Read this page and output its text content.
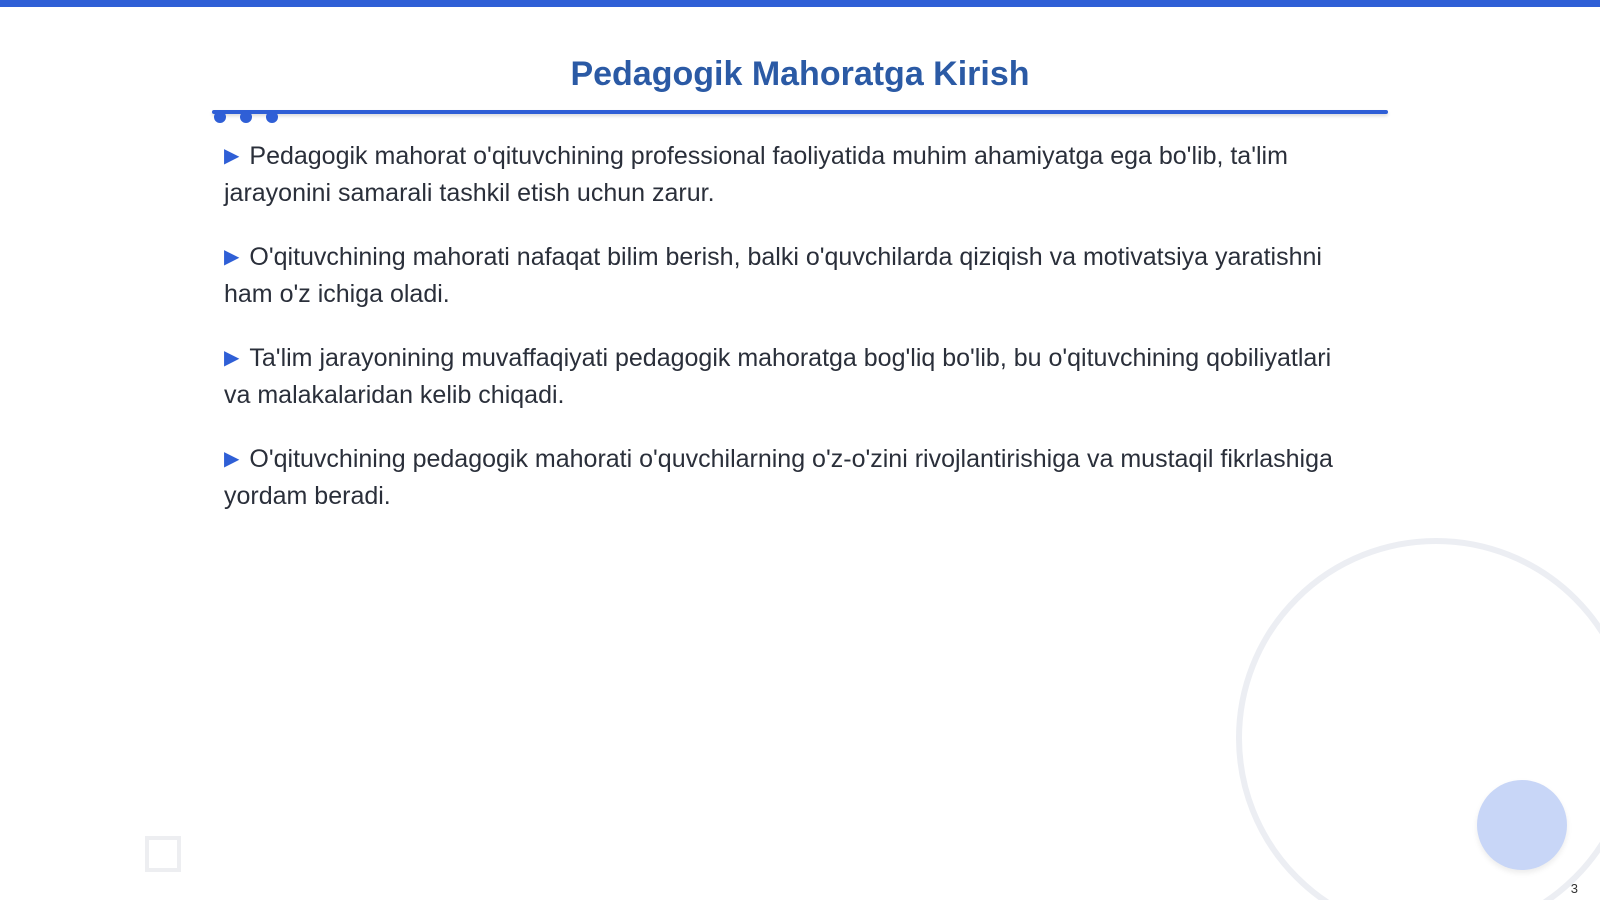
Pedagogik Mahoratga Kirish
▶ Pedagogik mahorat o'qituvchining professional faoliyatida muhim ahamiyatga ega bo'lib, ta'lim jarayonini samarali tashkil etish uchun zarur.
▶ O'qituvchining mahorati nafaqat bilim berish, balki o'quvchilarda qiziqish va motivatsiya yaratishni ham o'z ichiga oladi.
▶ Ta'lim jarayonining muvaffaqiyati pedagogik mahoratga bog'liq bo'lib, bu o'qituvchining qobiliyatlari va malakalaridan kelib chiqadi.
▶ O'qituvchining pedagogik mahorati o'quvchilarning o'z-o'zini rivojlantirishiga va mustaqil fikrlashiga yordam beradi.
3
